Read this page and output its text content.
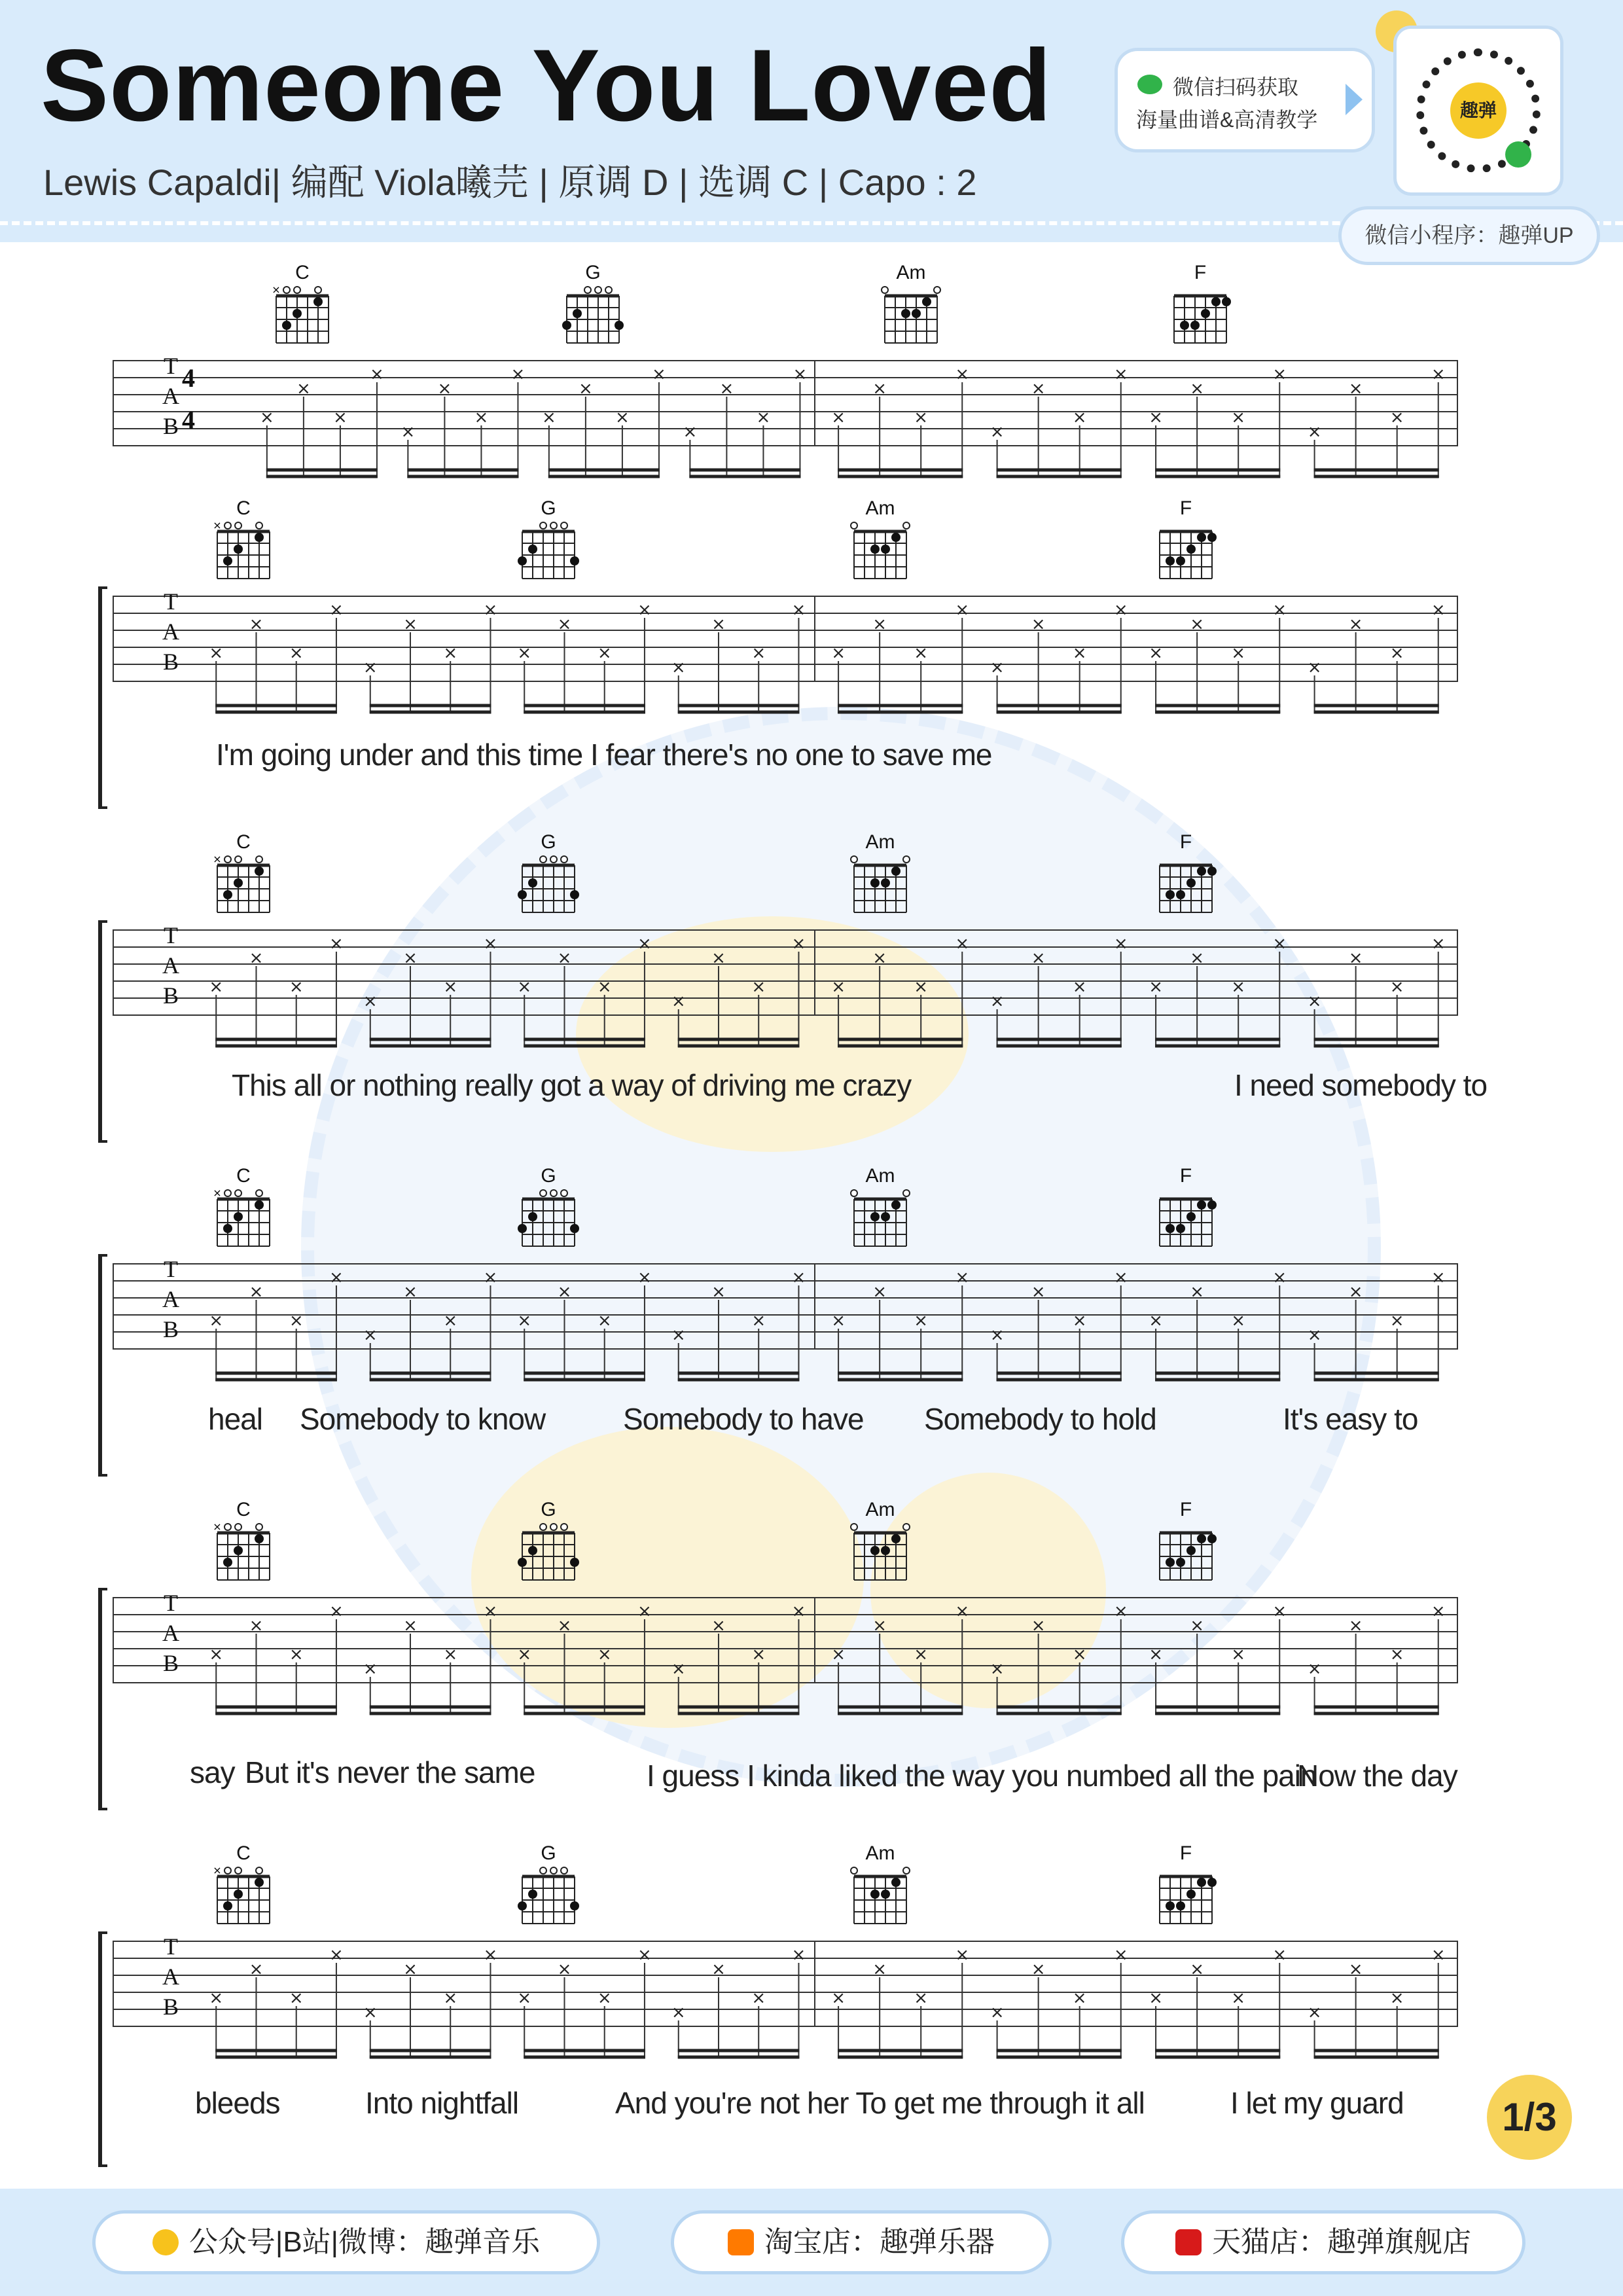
Someone You Loved
Lewis Capaldi| 编配 Viola曦芫 | 原调 D | 选调 C | Capo : 2
微信扫码获取
海量曲谱&高清教学	趣弹
微信小程序：趣弹UP
C
×
G	Am	F
T
A
B
4
4	×
×
×
×
×
×
×
×
×
×
×
×
×
×
×
×
×
×
×
×
×
×
×
×
×
×
×
×
×
×
×
×
C
×
G	Am	F
T
A
B ×
×
×
×
×
×
×
×
×
×
×
×
×
×
×
×
×
×
×
×
×
×
×
×
×
×
×
×
×
×
×
×
I'm going under and this time I fear there's no one to save me
C
×
G	Am	F
T
A
B ×
×
×
×
×
×
×
×
×
×
×
×
×
×
×
×
×
×
×
×
×
×
×
×
×
×
×
×
×
×
×
×
This all or nothing really got a way of driving me crazy	I need somebody to
C
×
G	Am	F
T
A
B ×
×
×
×
×
×
×
×
×
×
×
×
×
×
×
×
×
×
×
×
×
×
×
×
×
×
×
×
×
×
×
×
heal Somebody to know	Somebody to have Somebody to hold	It's easy to
C
×
G	Am	F
T
A
B ×
×
×
×
×
×
×
×
×
×
×
×
×
×
×
×
×
×
×
×
×
×
×
×
×
×
×
×
×
×
×
×
say But it's never the same	I guess I kinda liked the way you numbed all the pain
Now the day
C
×
G	Am	F
T
A
B ×
×
×
×
×
×
×
×
×
×
×
×
×
×
×
×
×
×
×
×
×
×
×
×
×
×
×
×
×
×
×
×
bleeds	Into nightfall	And you're not her To get me through it all	I let my guard	1/3
公众号|B站|微博：趣弹音乐	淘宝店：趣弹乐器	天猫店：趣弹旗舰店
